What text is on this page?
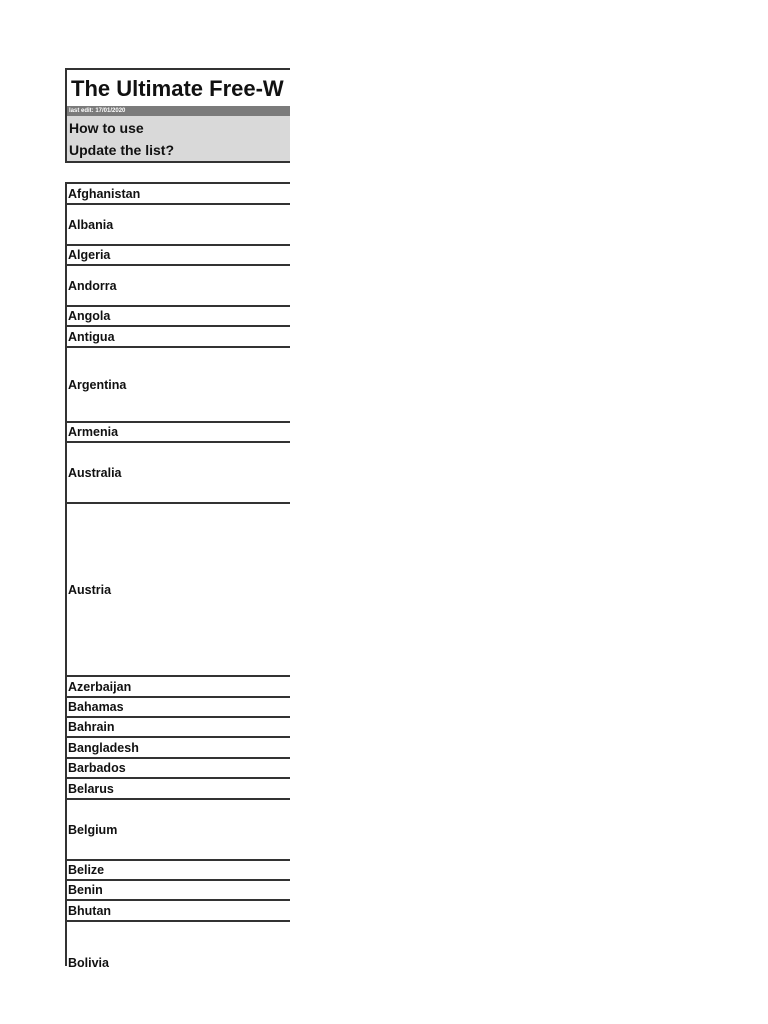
The Ultimate Free-W
last edit: 17/01/2020
How to use
Update the list?
Afghanistan
Albania
Algeria
Andorra
Angola
Antigua
Argentina
Armenia
Australia
Austria
Azerbaijan
Bahamas
Bahrain
Bangladesh
Barbados
Belarus
Belgium
Belize
Benin
Bhutan
Bolivia
